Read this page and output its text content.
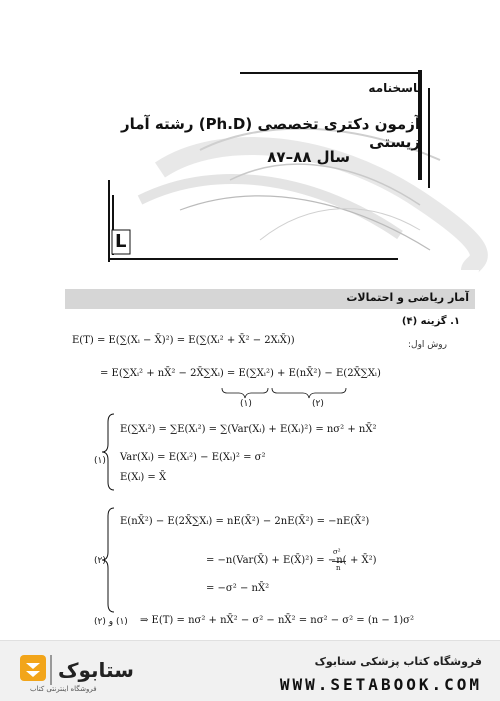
پاسخنامه
آزمون دکتری تخصصی (Ph.D) رشته آمار زیستی
سال ۸۸–۸۷
L
آمار ریاضی و احتمالات
۱. گزینه (۴)
روش اول:
E(T) = E(∑(Xᵢ − X̄)²) = E(∑(Xᵢ² + X̄² − 2XᵢX̄))
= E(∑Xᵢ² + nX̄² − 2X̄∑Xᵢ) = E(∑Xᵢ²) + E(nX̄²) − E(2X̄∑Xᵢ)
(۱)	(۲)
(۱)
E(∑Xᵢ²) = ∑E(Xᵢ²) = ∑(Var(Xᵢ) + E(Xᵢ)²) = nσ² + nX̄²
Var(Xᵢ) = E(Xᵢ²) − E(Xᵢ)² = σ²
E(Xᵢ) = X̄
(۲)
E(nX̄²) − E(2X̄∑Xᵢ) = nE(X̄²) − 2nE(X̄²) = −nE(X̄²)
= −n(Var(X̄) + E(X̄)²) = −n(
σ²
n
+ X̄²)
= −σ² − nX̄²
(۱) و (۲) ⇒ E(T) = nσ² + nX̄² − σ² − nX̄² = nσ² − σ² = (n − 1)σ²
ستابوک
فروشگاه اینترنتی کتاب
فروشگاه کتاب پزشکی ستابوک
WWW.SETABOOK.COM
